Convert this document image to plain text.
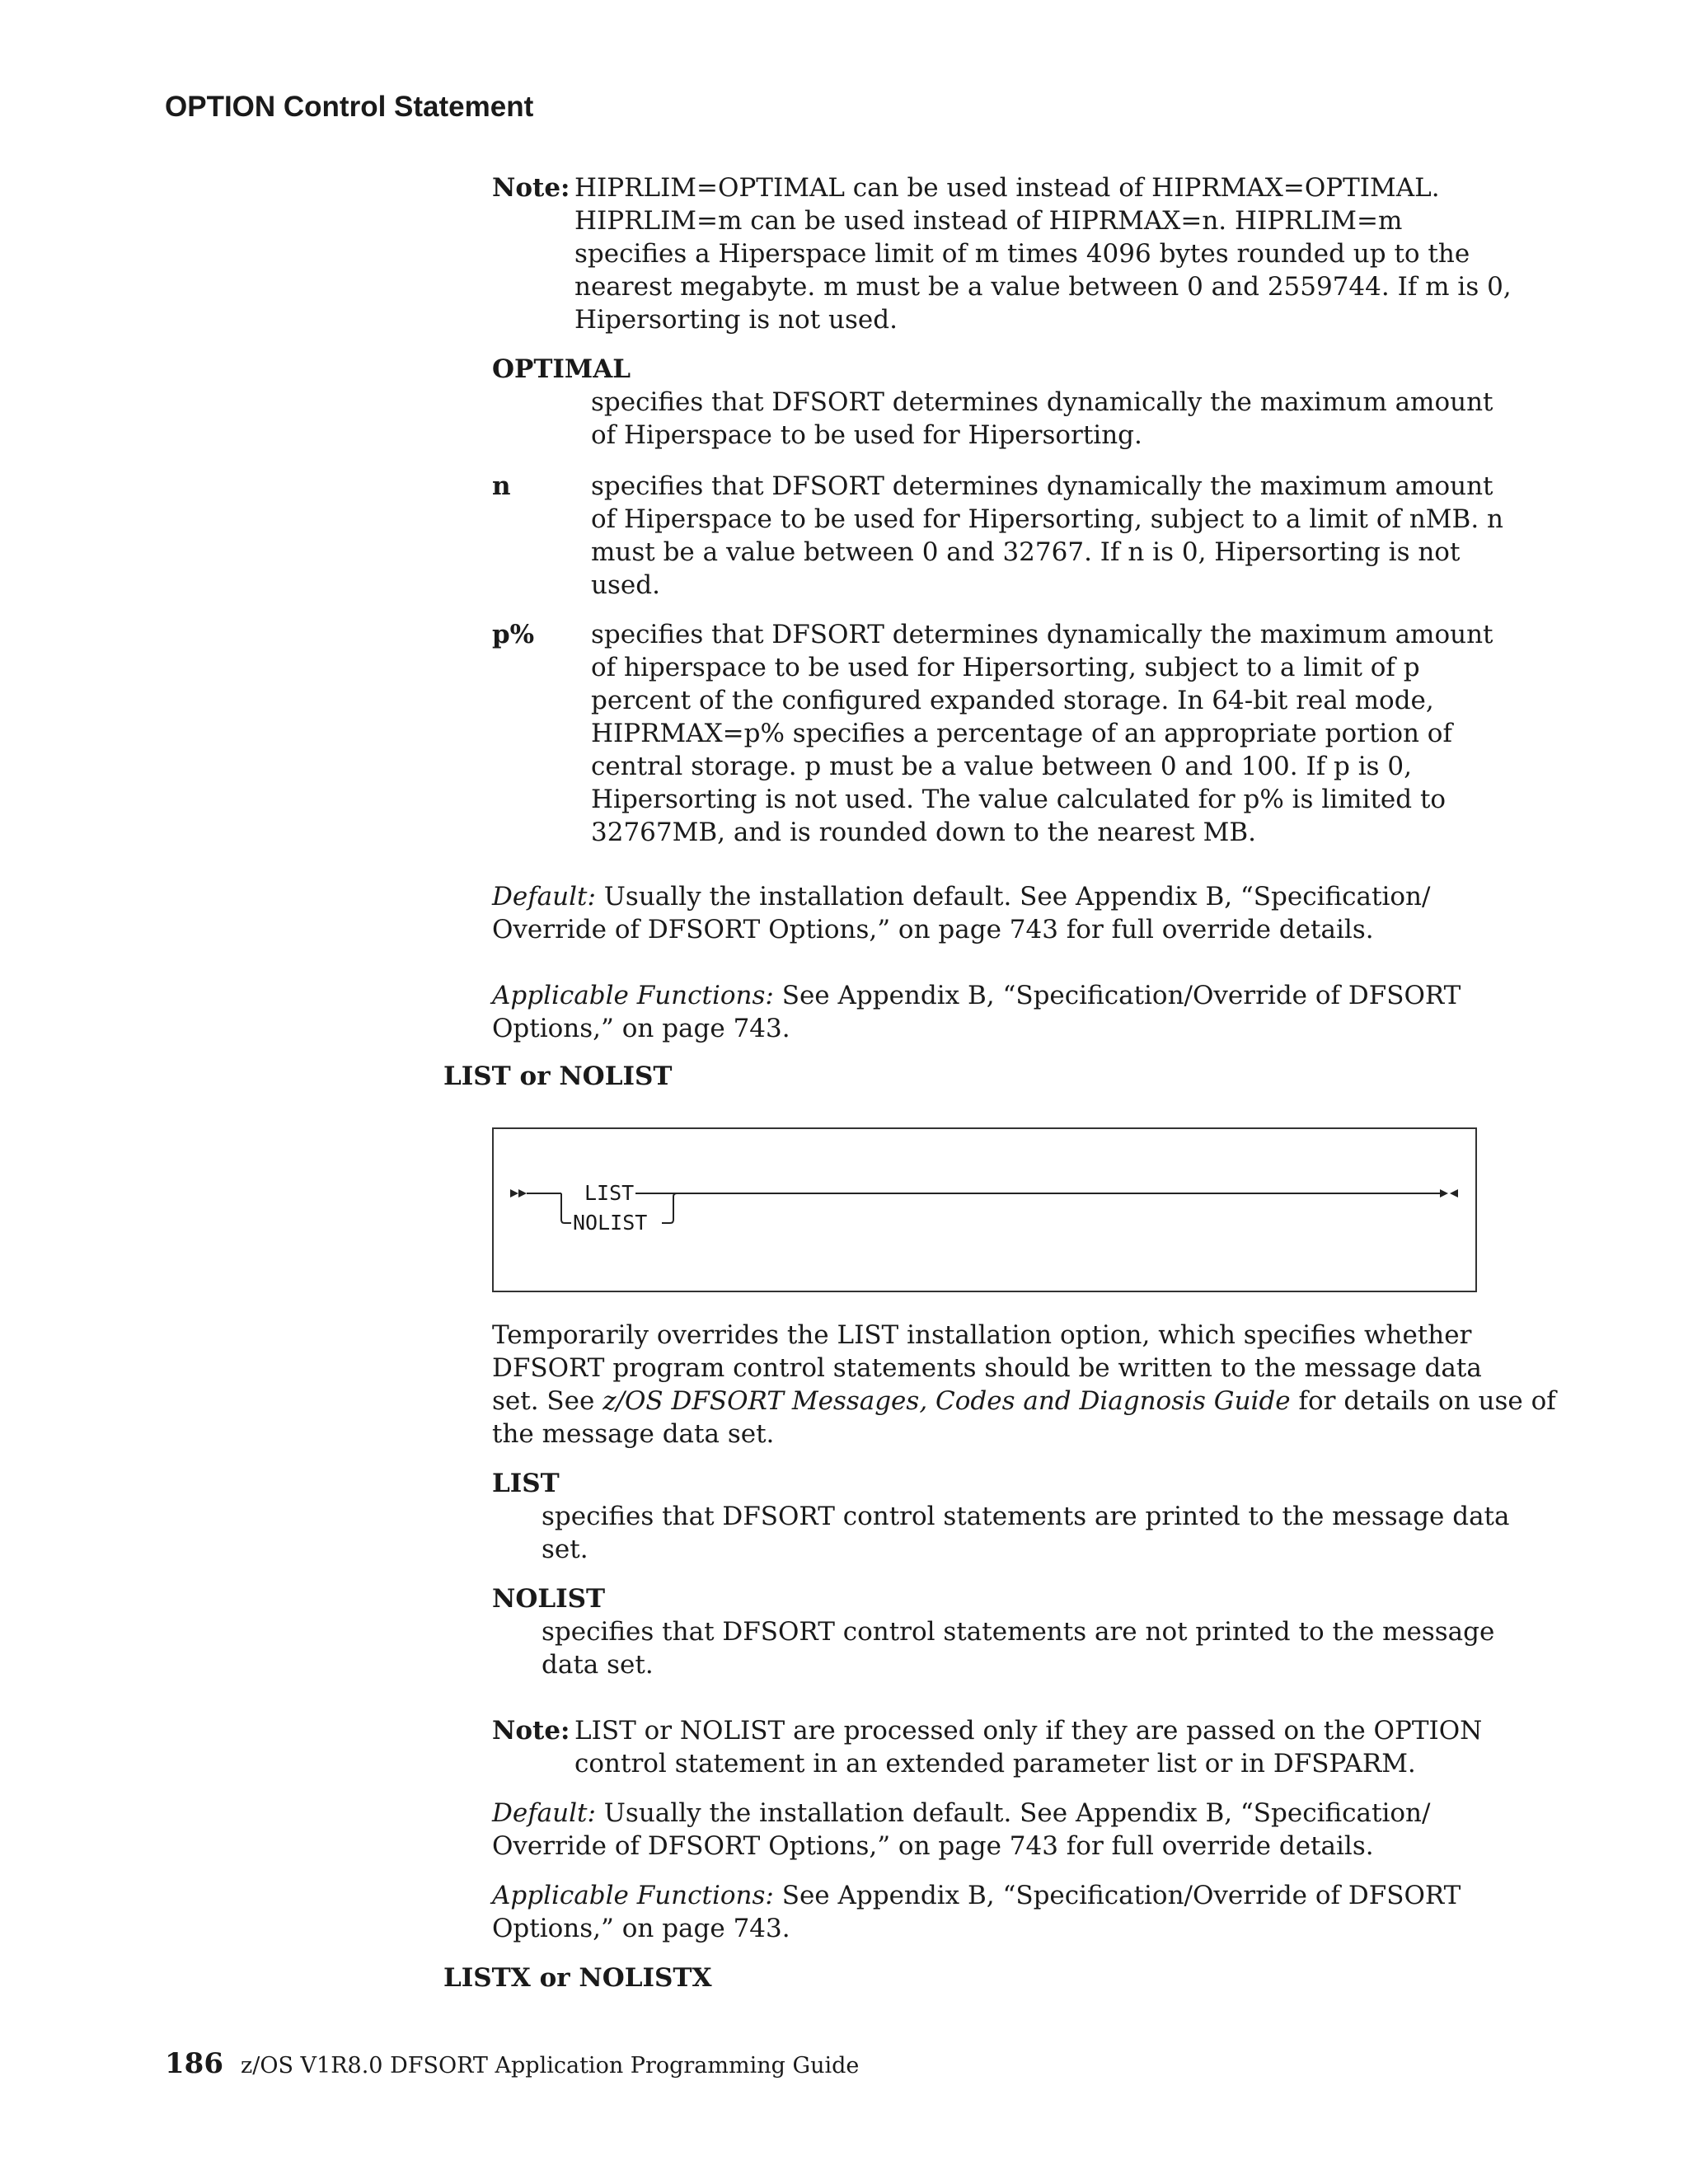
OPTION Control Statement
Note: HIPRLIM=OPTIMAL can be used instead of HIPRMAX=OPTIMAL.
HIPRLIM=m can be used instead of HIPRMAX=n. HIPRLIM=m
specifies a Hiperspace limit of m times 4096 bytes rounded up to the
nearest megabyte. m must be a value between 0 and 2559744. If m is 0,
Hipersorting is not used.
OPTIMAL
specifies that DFSORT determines dynamically the maximum amount
of Hiperspace to be used for Hipersorting.
n	specifies that DFSORT determines dynamically the maximum amount
of Hiperspace to be used for Hipersorting, subject to a limit of nMB. n
must be a value between 0 and 32767. If n is 0, Hipersorting is not
used.
p% specifies that DFSORT determines dynamically the maximum amount
of hiperspace to be used for Hipersorting, subject to a limit of p
percent of the configured expanded storage. In 64-bit real mode,
HIPRMAX=p% specifies a percentage of an appropriate portion of
central storage. p must be a value between 0 and 100. If p is 0,
Hipersorting is not used. The value calculated for p% is limited to
32767MB, and is rounded down to the nearest MB.
Default: Usually the installation default. See Appendix B, “Specification/
Override of DFSORT Options,” on page 743 for full override details.
Applicable Functions: See Appendix B, “Specification/Override of DFSORT
Options,” on page 743.
LIST or NOLIST
LIST
NOLIST
Temporarily overrides the LIST installation option, which specifies whether
DFSORT program control statements should be written to the message data
set. See z/OS DFSORT Messages, Codes and Diagnosis Guide for details on use of
the message data set.
LIST
specifies that DFSORT control statements are printed to the message data
set.
NOLIST
specifies that DFSORT control statements are not printed to the message
data set.
Note: LIST or NOLIST are processed only if they are passed on the OPTION
control statement in an extended parameter list or in DFSPARM.
Default: Usually the installation default. See Appendix B, “Specification/
Override of DFSORT Options,” on page 743 for full override details.
Applicable Functions: See Appendix B, “Specification/Override of DFSORT
Options,” on page 743.
LISTX or NOLISTX
186 z/OS V1R8.0 DFSORT Application Programming Guide
